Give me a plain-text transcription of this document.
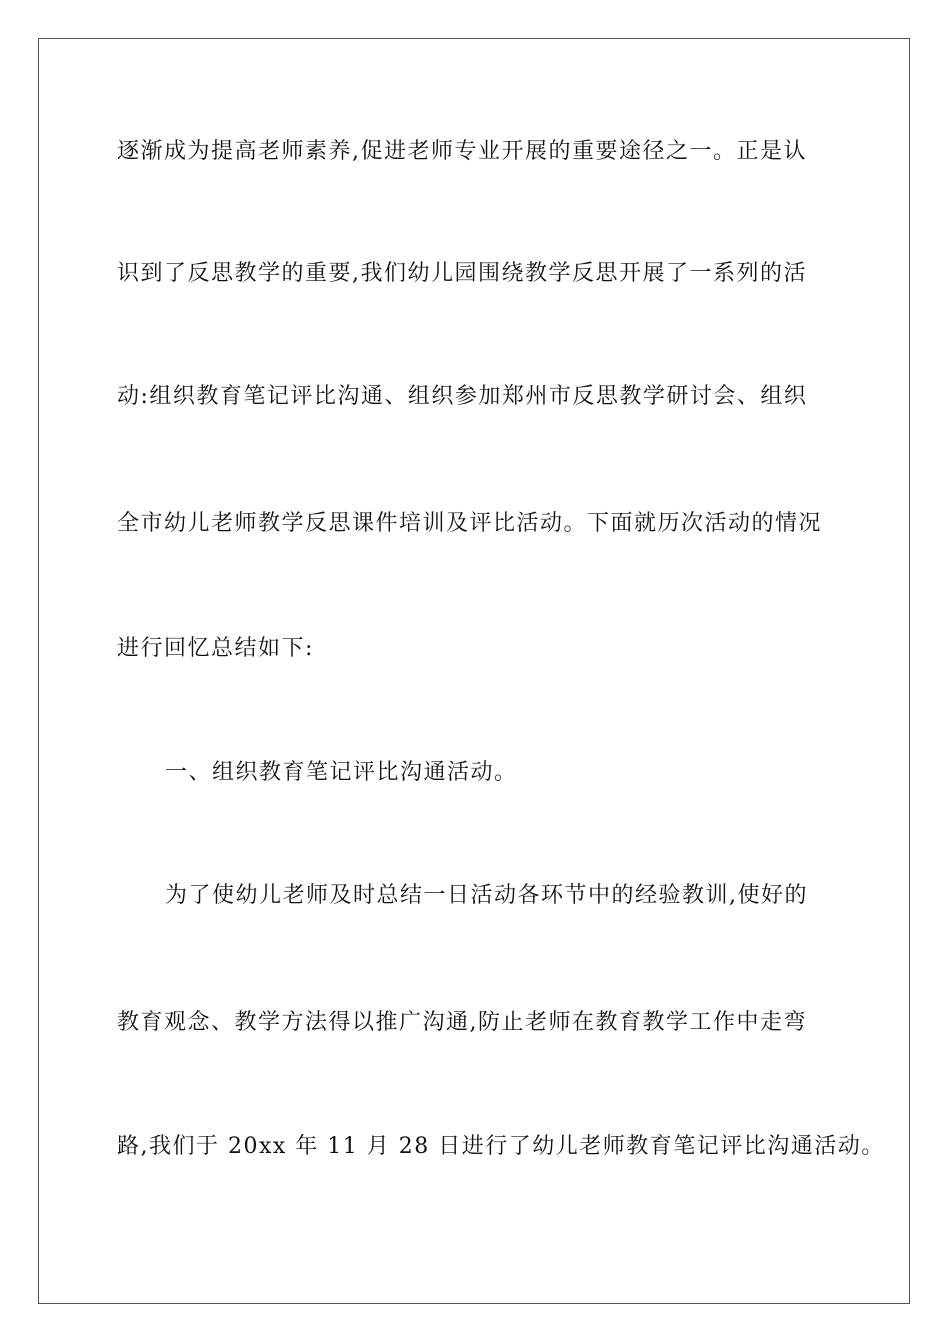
逐渐成为提高老师素养,促进老师专业开展的重要途径之一。正是认
识到了反思教学的重要,我们幼儿园围绕教学反思开展了一系列的活
动:组织教育笔记评比沟通、组织参加郑州市反思教学研讨会、组织
全市幼儿老师教学反思课件培训及评比活动。下面就历次活动的情况
进行回忆总结如下:
一、组织教育笔记评比沟通活动。
为了使幼儿老师及时总结一日活动各环节中的经验教训,使好的
教育观念、教学方法得以推广沟通,防止老师在教育教学工作中走弯
路,我们于 20xx 年 11 月 28 日进行了幼儿老师教育笔记评比沟通活动。
